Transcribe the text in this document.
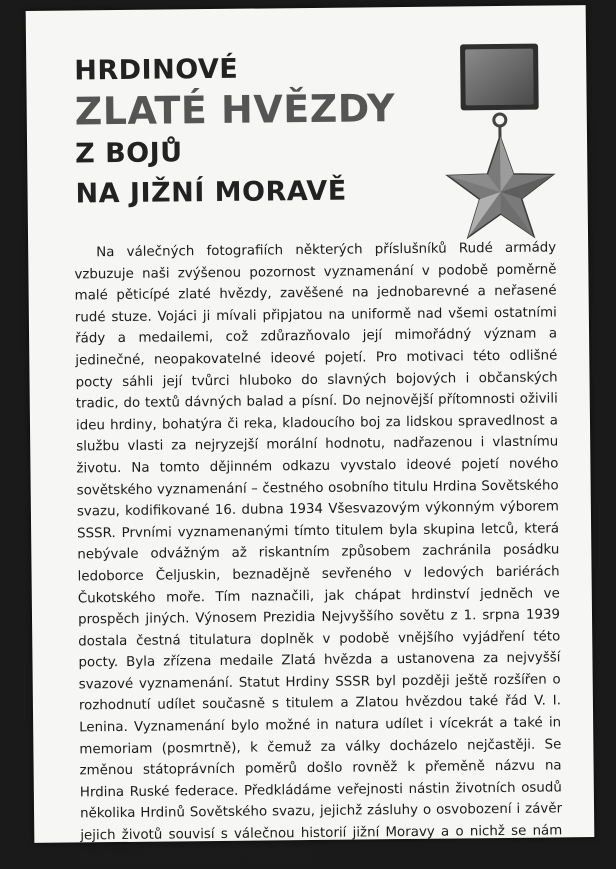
HRDINOVÉ
ZLATÉ HVĚZDY
Z BOJŮ
NA JIŽNÍ MORAVĚ
Na válečných fotografiích některých příslušníků Rudé armády vzbuzuje naši zvýšenou pozornost vyznamenání v podobě poměrně malé pěticípé zlaté hvězdy, zavěšené na jednobarevné a neřasené rudé stuze. Vojáci ji mívali připjatou na uniformě nad všemi ostatními řády a medailemi, což zdůrazňovalo její mimořádný význam a jedinečné, neopakovatelné ideové pojetí. Pro motivaci této odlišné pocty sáhli její tvůrci hluboko do slavných bojových i občanských tradic, do textů dávných balad a písní. Do nejnovější přítomnosti oživili ideu hrdiny, bohatýra či reka, kladoucího boj za lidskou spravedlnost a službu vlasti za nejryzejší morální hodnotu, nadřazenou i vlastnímu životu. Na tomto dějinném odkazu vyvstalo ideové pojetí nového sovětského vyznamenání – čestného osobního titulu Hrdina Sovětského svazu, kodifikované 16. dubna 1934 Všesvazovým výkonným výborem SSSR. Prvními vyznamenanými tímto titulem byla skupina letců, která nebývale odvážným až riskantním způsobem zachránila posádku ledoborce Čeljuskin, beznadějně sevřeného v ledových bariérách Čukotského moře. Tím naznačili, jak chápat hrdinství jednĕch ve prospěch jiných. Výnosem Prezidia Nejvyššího sovětu z 1. srpna 1939 dostala čestná titulatura doplněk v podobě vnějšího vyjádření této pocty. Byla zřízena medaile Zlatá hvězda a ustanovena za nejvyšší svazové vyznamenání. Statut Hrdiny SSSR byl později ještě rozšířen o rozhodnutí udílet současně s titulem a Zlatou hvězdou také řád V. I. Lenina. Vyznamenání bylo možné in natura udílet i vícekrát a také in memoriam (posmrtně), k čemuž za války docházelo nejčastěji. Se změnou státoprávních poměrů došlo rovněž k přeměně názvu na Hrdina Ruské federace. Předkládáme veřejnosti nástin životních osudů několika Hrdinů Sovětského svazu, jejichž zásluhy o osvobození i závěr jejich životů souvisí s válečnou historií jižní Moravy a o nichž se nám dochovala alespoň kusá svědectví.
